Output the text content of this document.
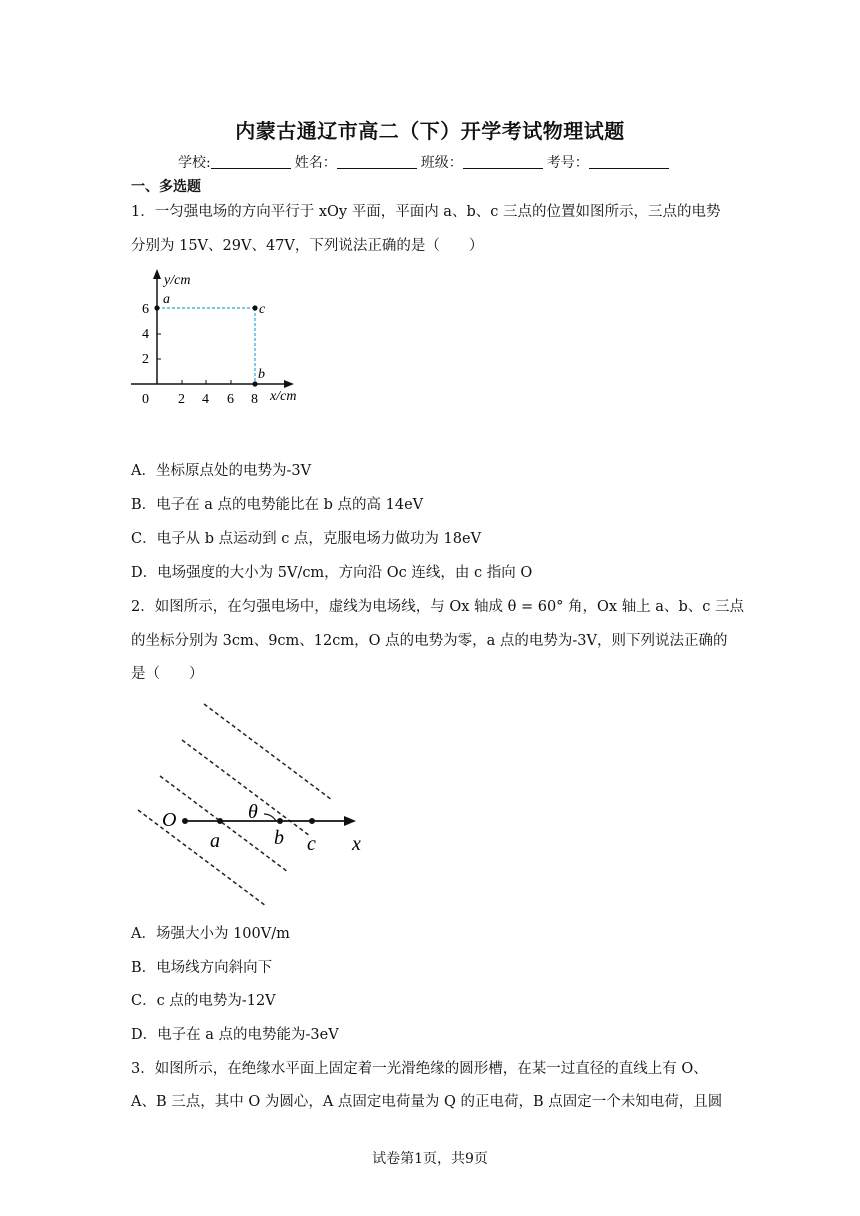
内蒙古通辽市高二（下）开学考试物理试题
学校:	姓名：	班级：	考号：
一、多选题
1．一匀强电场的方向平行于 xOy 平面，平面内 a、b、c 三点的位置如图所示，三点的电势
分别为 15V、29V、47V，下列说法正确的是（　　）
y/cm
x/cm
0
6
4
2
2 4 6 8
a
c
b
A．坐标原点处的电势为-3V
B．电子在 a 点的电势能比在 b 点的高 14eV
C．电子从 b 点运动到 c 点，克服电场力做功为 18eV
D．电场强度的大小为 5V/cm，方向沿 Oc 连线，由 c 指向 O
2．如图所示，在匀强电场中，虚线为电场线，与 Ox 轴成 θ = 60° 角，Ox 轴上 a、b、c 三点
的坐标分别为 3cm、9cm、12cm，O 点的电势为零，a 点的电势为-3V，则下列说法正确的
是（　　）
O	θ
a	b c x
A．场强大小为 100V/m
B．电场线方向斜向下
C．c 点的电势为-12V
D．电子在 a 点的电势能为-3eV
3．如图所示，在绝缘水平面上固定着一光滑绝缘的圆形槽，在某一过直径的直线上有 O、
A、B 三点，其中 O 为圆心，A 点固定电荷量为 Q 的正电荷，B 点固定一个未知电荷，且圆
试卷第1页，共9页
